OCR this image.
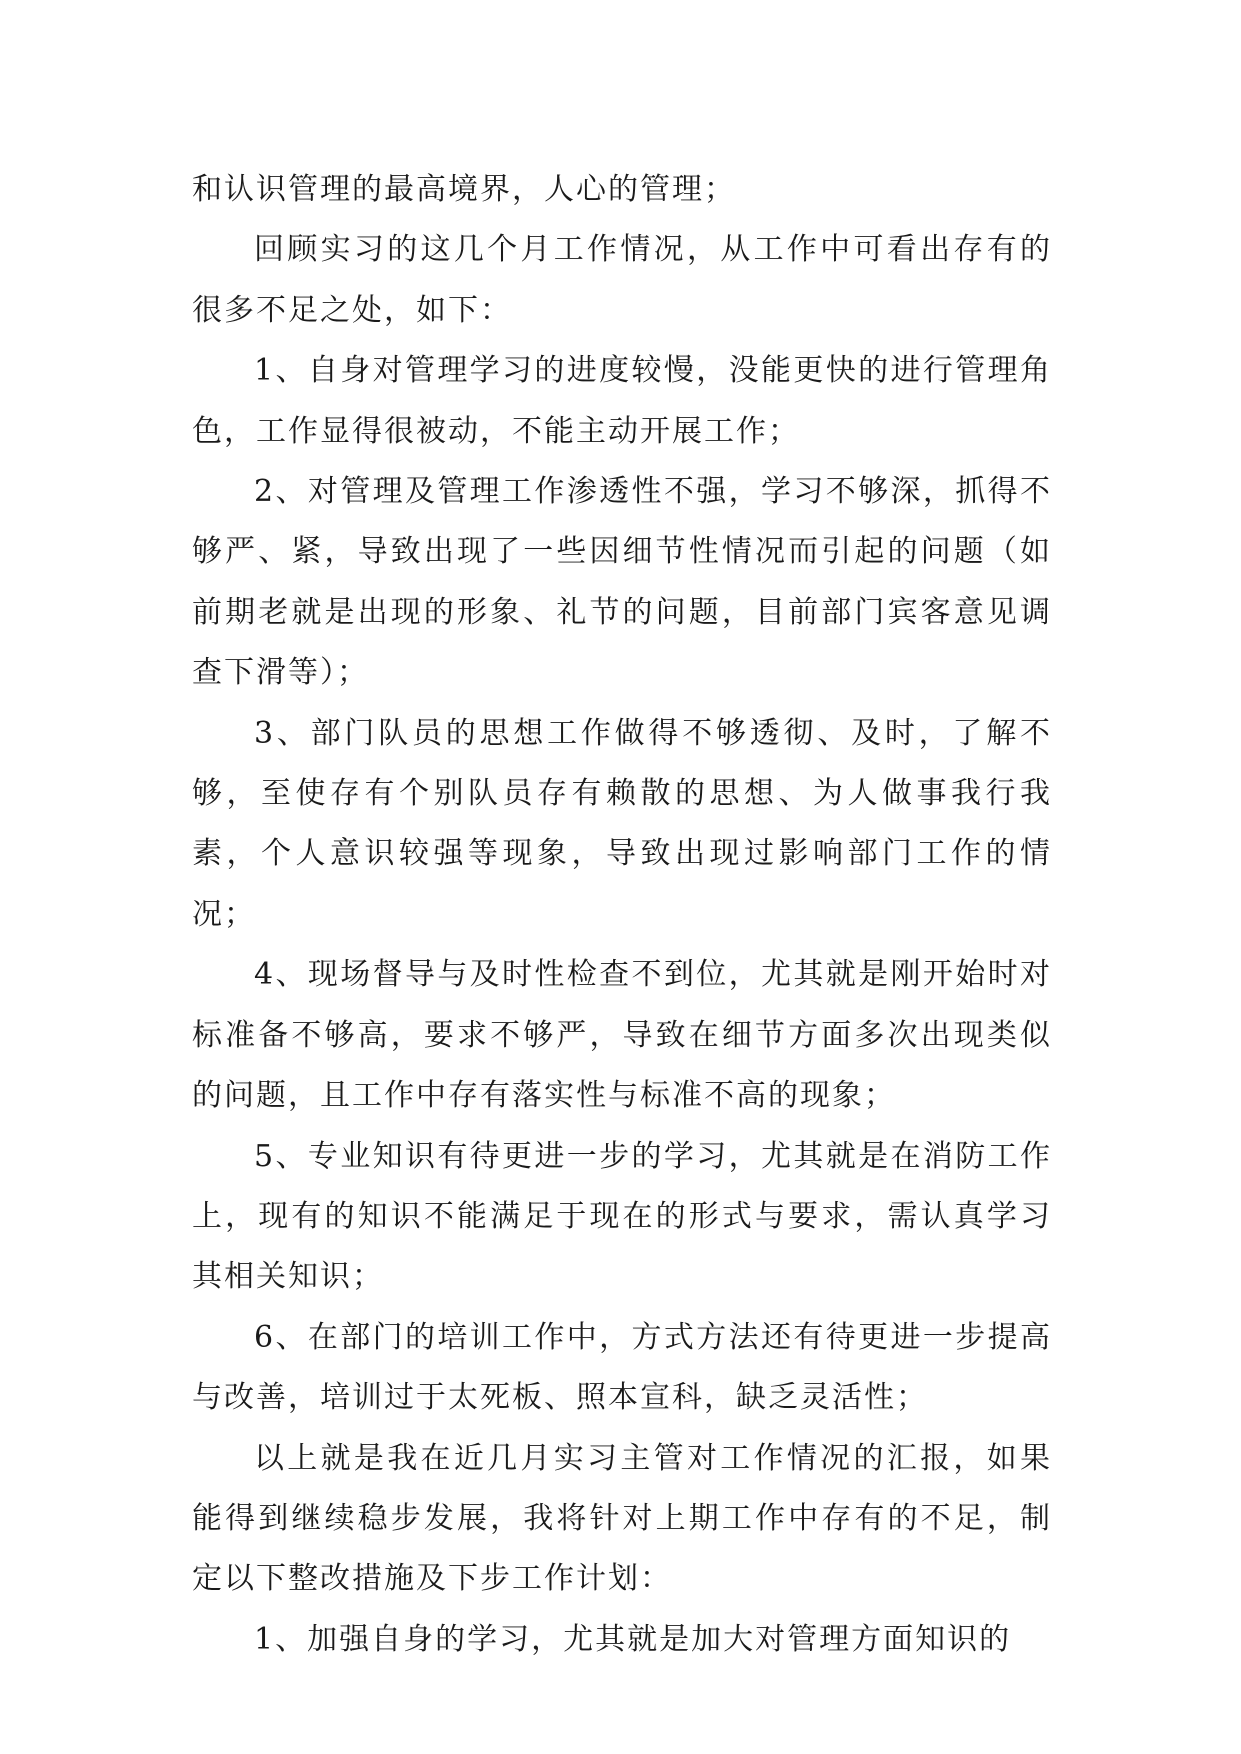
和认识管理的最高境界，人心的管理；

回顾实习的这几个月工作情况，从工作中可看出存有的很多不足之处，如下：

1、自身对管理学习的进度较慢，没能更快的进行管理角色，工作显得很被动，不能主动开展工作；

2、对管理及管理工作渗透性不强，学习不够深，抓得不够严、紧，导致出现了一些因细节性情况而引起的问题（如前期老就是出现的形象、礼节的问题，目前部门宾客意见调查下滑等）；

3、部门队员的思想工作做得不够透彻、及时，了解不够，至使存有个别队员存有赖散的思想、为人做事我行我素，个人意识较强等现象，导致出现过影响部门工作的情况；

4、现场督导与及时性检查不到位，尤其就是刚开始时对标准备不够高，要求不够严，导致在细节方面多次出现类似的问题，且工作中存有落实性与标准不高的现象；

5、专业知识有待更进一步的学习，尤其就是在消防工作上，现有的知识不能满足于现在的形式与要求，需认真学习其相关知识；

6、在部门的培训工作中，方式方法还有待更进一步提高与改善，培训过于太死板、照本宣科，缺乏灵活性；

以上就是我在近几月实习主管对工作情况的汇报，如果能得到继续稳步发展，我将针对上期工作中存有的不足，制定以下整改措施及下步工作计划：

1、加强自身的学习，尤其就是加大对管理方面知识的
